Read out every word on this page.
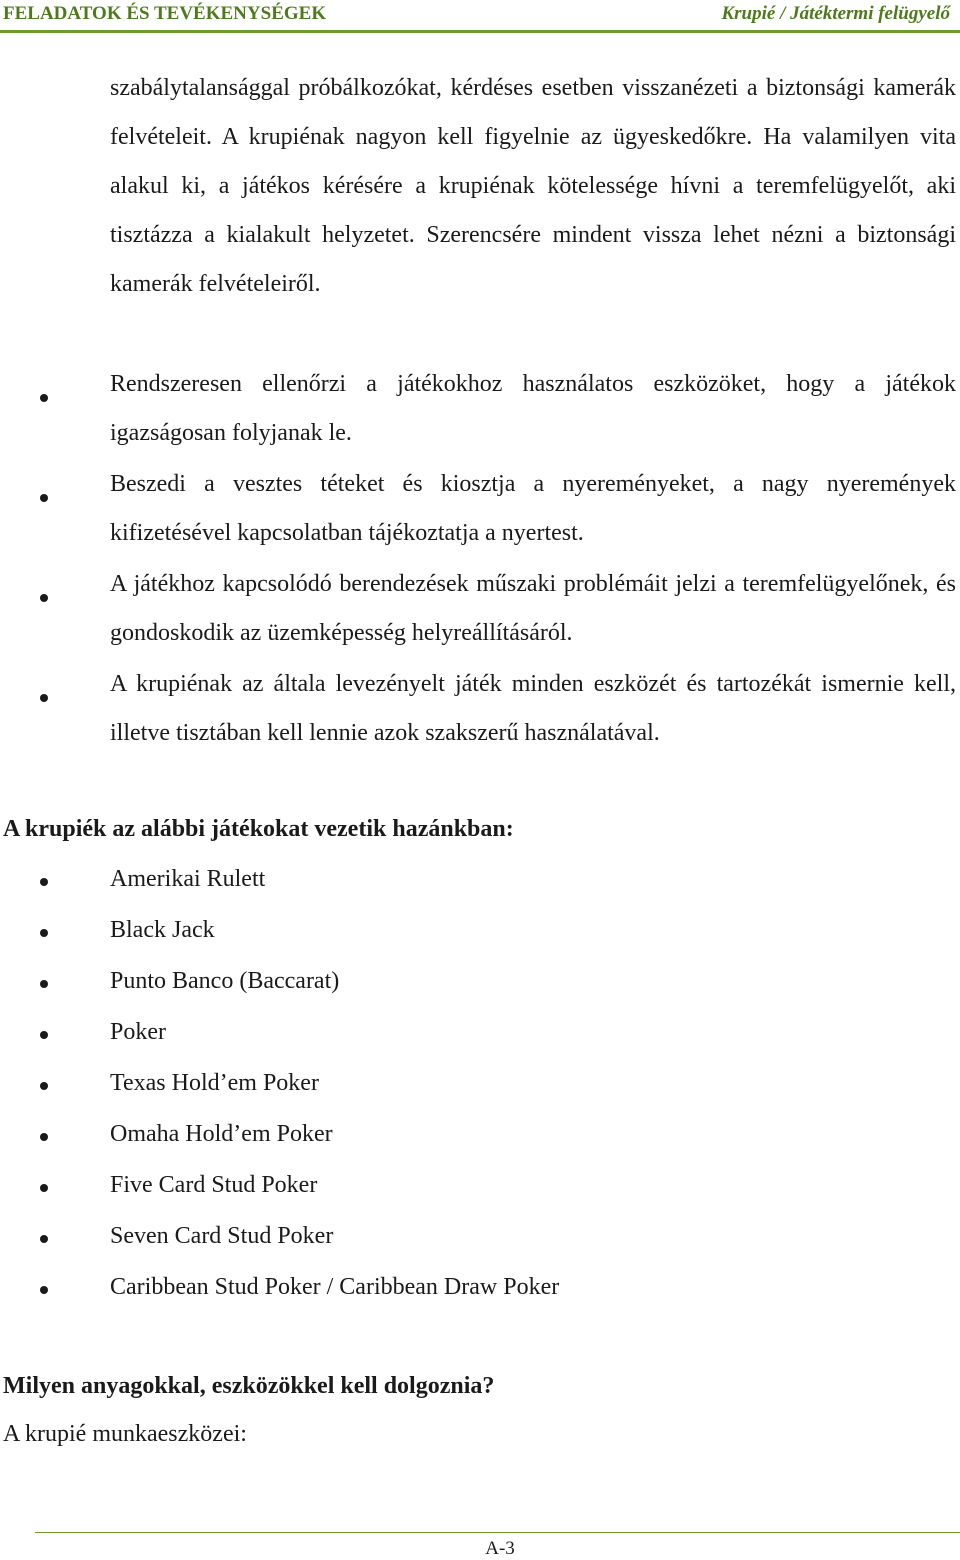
FELADATOK ÉS TEVÉKENYSÉGEK	Krupié / Játéktermi felügyelő
szabálytalansággal próbálkozókat, kérdéses esetben visszanézeti a biztonsági kamerák felvételeit. A krupiénak nagyon kell figyelnie az ügyeskedőkre. Ha valamilyen vita alakul ki, a játékos kérésére a krupiénak kötelessége hívni a teremfelügyelőt, aki tisztázza a kialakult helyzetet. Szerencsére mindent vissza lehet nézni a biztonsági kamerák felvételeiről.
Rendszeresen ellenőrzi a játékokhoz használatos eszközöket, hogy a játékok igazságosan folyjanak le.
Beszedi a vesztes téteket és kiosztja a nyereményeket, a nagy nyeremények kifizetésével kapcsolatban tájékoztatja a nyertest.
A játékhoz kapcsolódó berendezések műszaki problémáit jelzi a teremfelügyelőnek, és gondoskodik az üzemképesség helyreállításáról.
A krupiénak az általa levezényelt játék minden eszközét és tartozékát ismernie kell, illetve tisztában kell lennie azok szakszerű használatával.
A krupiék az alábbi játékokat vezetik hazánkban:
Amerikai Rulett
Black Jack
Punto Banco (Baccarat)
Poker
Texas Hold’em Poker
Omaha Hold’em Poker
Five Card Stud Poker
Seven Card Stud Poker
Caribbean Stud Poker / Caribbean Draw Poker
Milyen anyagokkal, eszközökkel kell dolgoznia?
A krupié munkaeszközei:
A-3
